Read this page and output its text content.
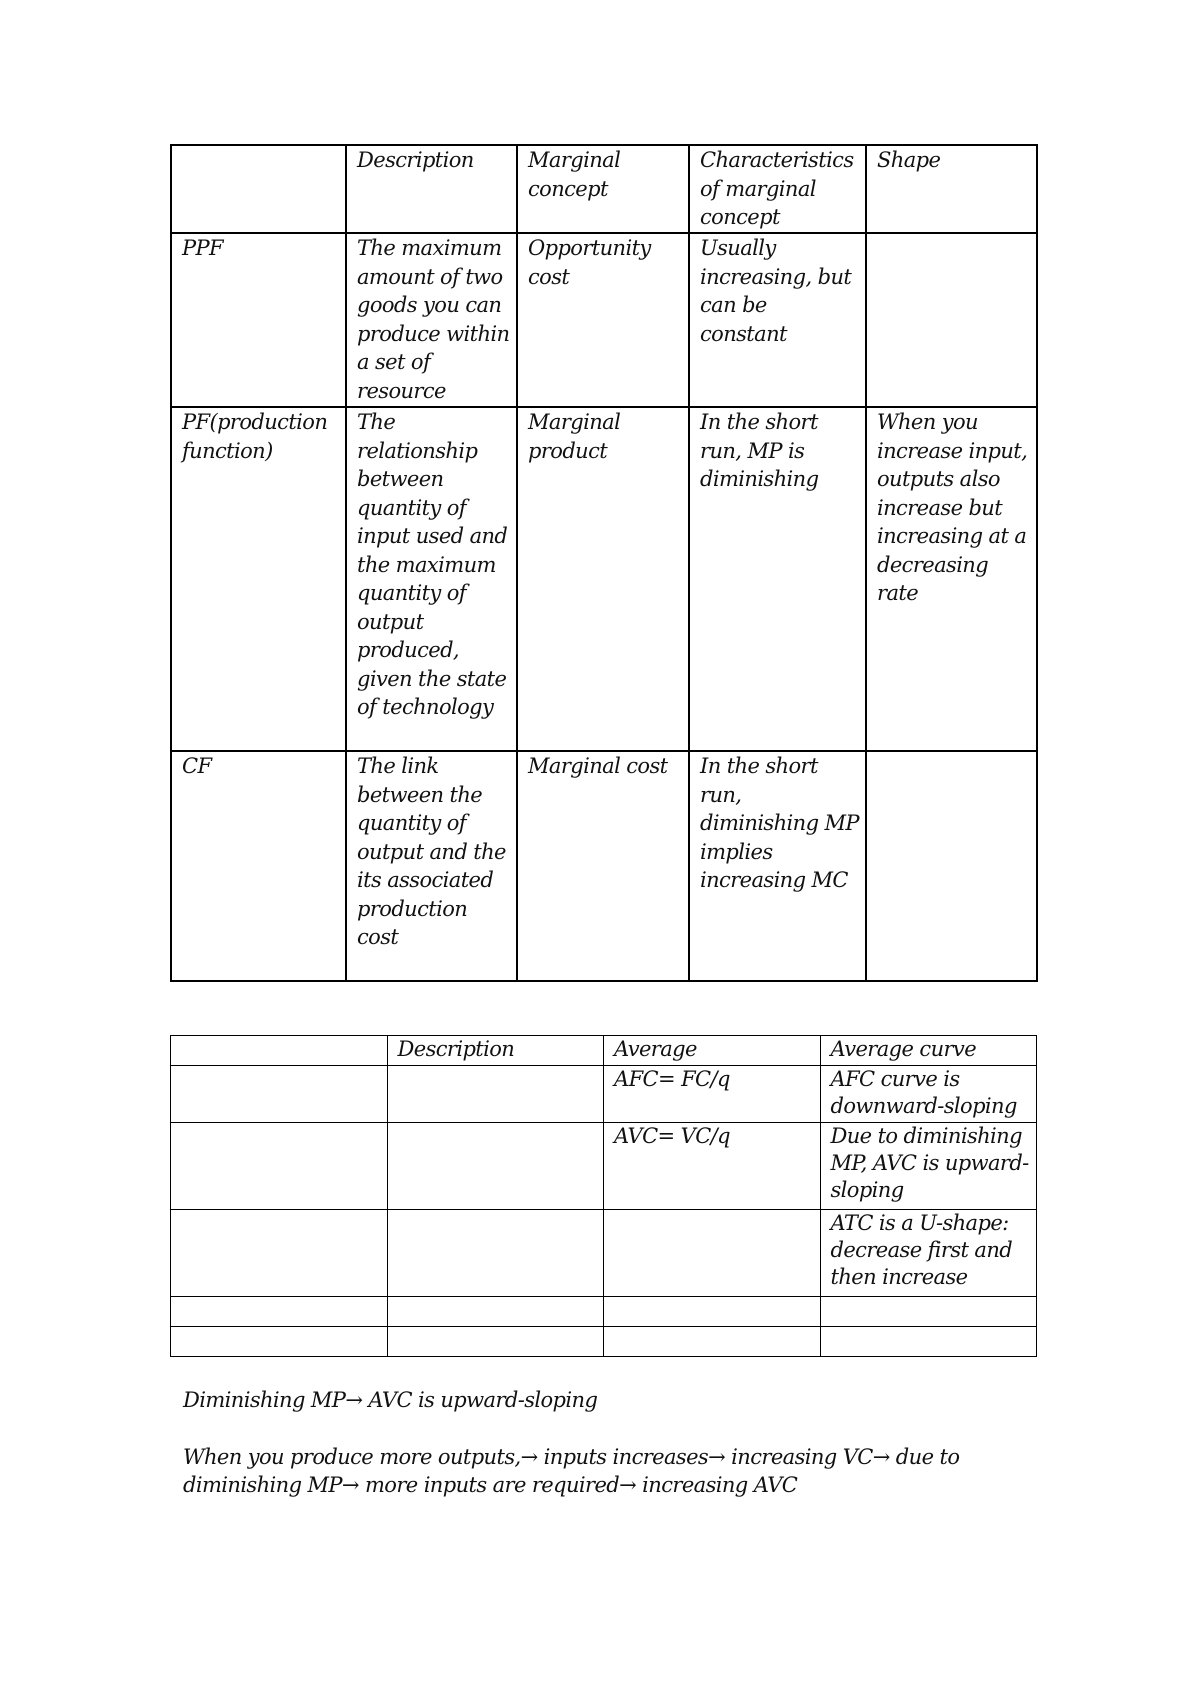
	Description	Marginal concept	Characteristics of marginal concept	Shape
PPF	The maximum amount of two goods you can produce within a set of resource	Opportunity cost	Usually increasing, but can be constant	
PF(production function)	The relationship between quantity of input used and the maximum quantity of output produced, given the state of technology	Marginal product	In the short run, MP is diminishing	When you increase input, outputs also increase but increasing at a decreasing rate
CF	The link between the quantity of output and the its associated production cost	Marginal cost	In the short run, diminishing MP implies increasing MC	
	Description	Average	Average curve
		AFC= FC/q	AFC curve is downward-sloping
		AVC= VC/q	Due to diminishing MP, AVC is upward-sloping
			ATC is a U-shape: decrease first and then increase

Diminishing MP→ AVC is upward-sloping
When you produce more outputs,→ inputs increases→ increasing VC→ due to
diminishing MP→ more inputs are required→ increasing AVC
